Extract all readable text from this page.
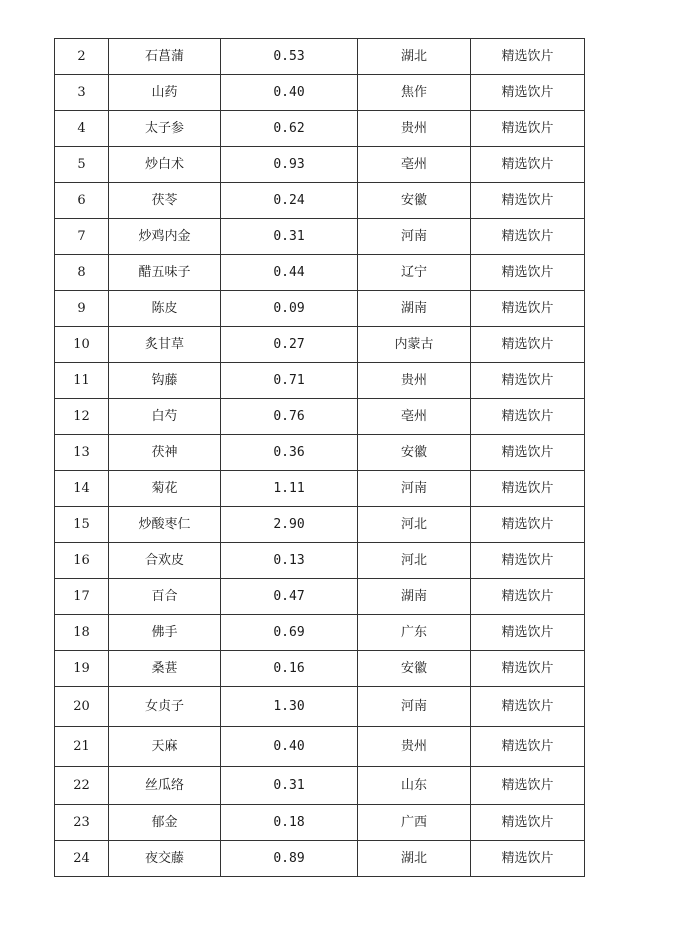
2	石菖蒲	0.53	湖北	精选饮片
3	山药	0.40	焦作	精选饮片
4	太子参	0.62	贵州	精选饮片
5	炒白术	0.93	亳州	精选饮片
6	茯苓	0.24	安徽	精选饮片
7	炒鸡内金	0.31	河南	精选饮片
8	醋五味子	0.44	辽宁	精选饮片
9	陈皮	0.09	湖南	精选饮片
10	炙甘草	0.27	内蒙古	精选饮片
11	钩藤	0.71	贵州	精选饮片
12	白芍	0.76	亳州	精选饮片
13	茯神	0.36	安徽	精选饮片
14	菊花	1.11	河南	精选饮片
15	炒酸枣仁	2.90	河北	精选饮片
16	合欢皮	0.13	河北	精选饮片
17	百合	0.47	湖南	精选饮片
18	佛手	0.69	广东	精选饮片
19	桑葚	0.16	安徽	精选饮片
20	女贞子	1.30	河南	精选饮片
21	天麻	0.40	贵州	精选饮片
22	丝瓜络	0.31	山东	精选饮片
23	郁金	0.18	广西	精选饮片
24	夜交藤	0.89	湖北	精选饮片
